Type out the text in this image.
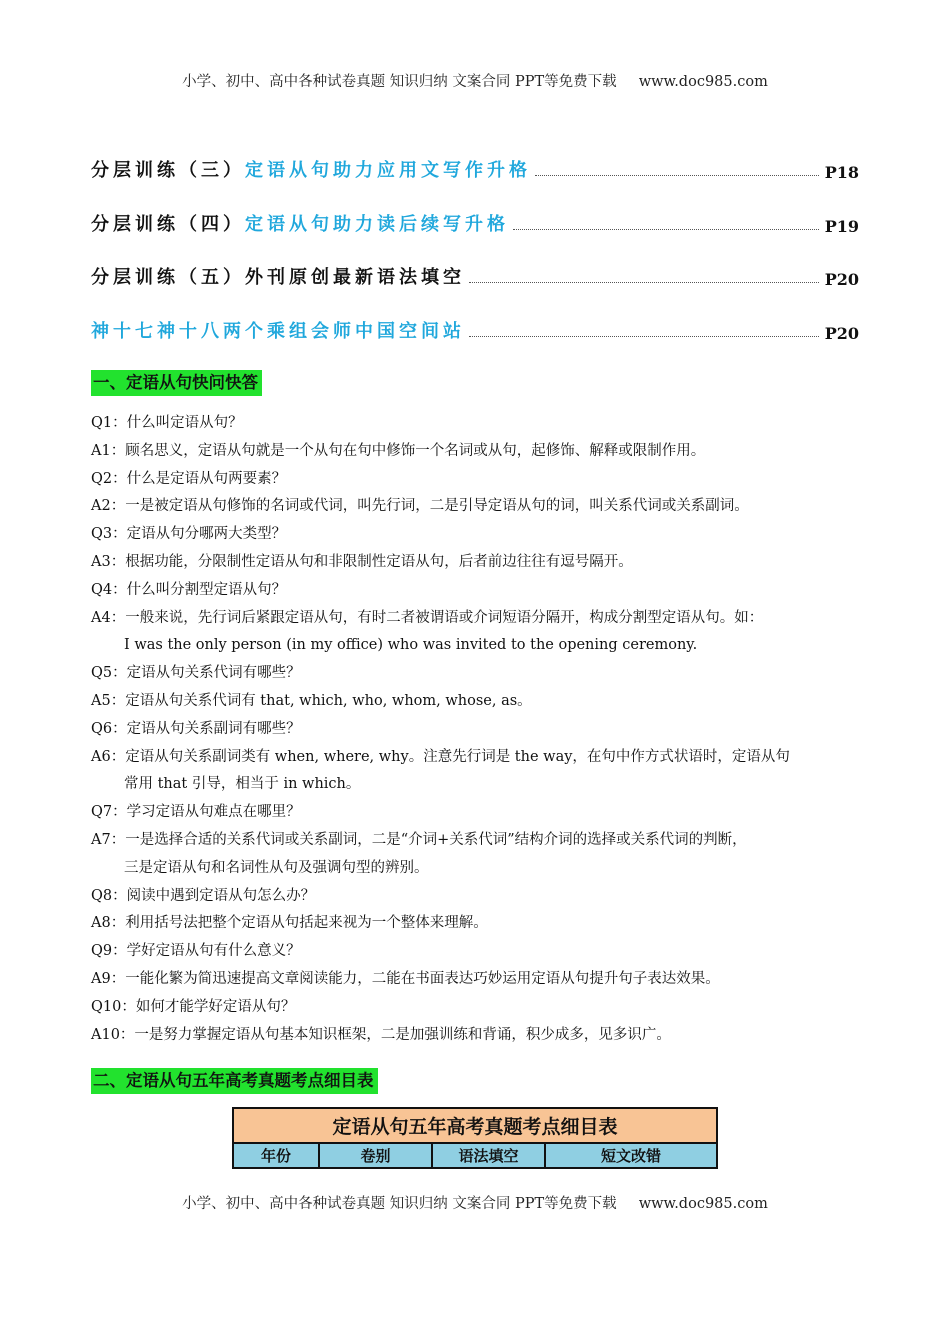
小学、初中、高中各种试卷真题 知识归纳 文案合同 PPT等免费下载 www.doc985.com
分层训练（三）定语从句助力应用文写作升格	P18
分层训练（四）定语从句助力读后续写升格	P19
分层训练（五）外刊原创最新语法填空	P20
神十七神十八两个乘组会师中国空间站	P20
一、定语从句快问快答
Q1：什么叫定语从句？
A1：顾名思义，定语从句就是一个从句在句中修饰一个名词或从句，起修饰、解释或限制作用。
Q2：什么是定语从句两要素？
A2：一是被定语从句修饰的名词或代词，叫先行词，二是引导定语从句的词，叫关系代词或关系副词。
Q3：定语从句分哪两大类型？
A3：根据功能，分限制性定语从句和非限制性定语从句，后者前边往往有逗号隔开。
Q4：什么叫分割型定语从句？
A4：一般来说，先行词后紧跟定语从句，有时二者被谓语或介词短语分隔开，构成分割型定语从句。如：
I was the only person (in my office) who was invited to the opening ceremony.
Q5：定语从句关系代词有哪些？
A5：定语从句关系代词有 that, which, who, whom, whose, as。
Q6：定语从句关系副词有哪些？
A6：定语从句关系副词类有 when, where, why。注意先行词是 the way，在句中作方式状语时，定语从句
常用 that 引导，相当于 in which。
Q7：学习定语从句难点在哪里？
A7：一是选择合适的关系代词或关系副词，二是“介词+关系代词”结构介词的选择或关系代词的判断，
三是定语从句和名词性从句及强调句型的辨别。
Q8：阅读中遇到定语从句怎么办？
A8：利用括号法把整个定语从句括起来视为一个整体来理解。
Q9：学好定语从句有什么意义？
A9：一能化繁为简迅速提高文章阅读能力，二能在书面表达巧妙运用定语从句提升句子表达效果。
Q10：如何才能学好定语从句？
A10：一是努力掌握定语从句基本知识框架，二是加强训练和背诵，积少成多，见多识广。
二、定语从句五年高考真题考点细目表
定语从句五年高考真题考点细目表
年份	卷别	语法填空	短文改错
小学、初中、高中各种试卷真题 知识归纳 文案合同 PPT等免费下载 www.doc985.com
